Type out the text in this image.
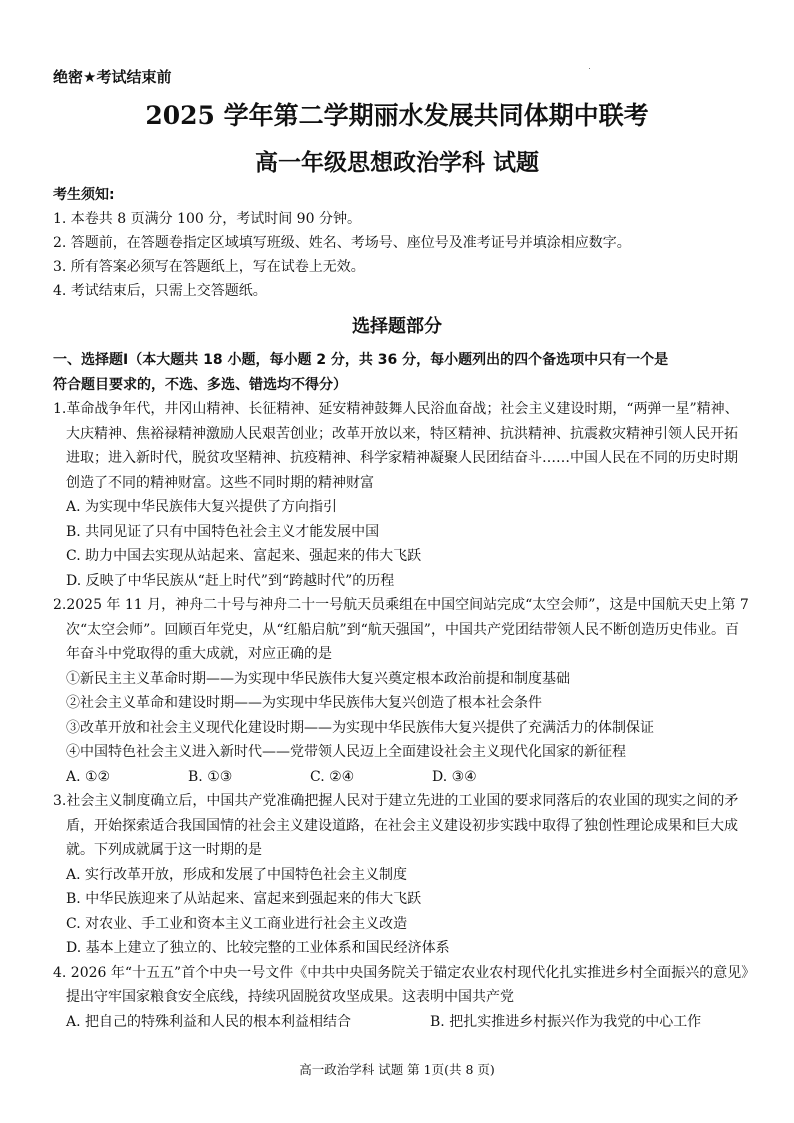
绝密★考试结束前
2025 学年第二学期丽水发展共同体期中联考
高一年级思想政治学科 试题
考生须知:
1. 本卷共 8 页满分 100 分，考试时间 90 分钟。
2. 答题前，在答题卷指定区域填写班级、姓名、考场号、座位号及准考证号并填涂相应数字。
3. 所有答案必须写在答题纸上，写在试卷上无效。
4. 考试结束后，只需上交答题纸。
选择题部分
一、选择题Ⅰ（本大题共 18 小题，每小题 2 分，共 36 分，每小题列出的四个备选项中只有一个是
符合题目要求的，不选、多选、错选均不得分）
1.革命战争年代，井冈山精神、长征精神、延安精神鼓舞人民浴血奋战；社会主义建设时期，“两弹一星”精神、大庆精神、焦裕禄精神激励人民艰苦创业；改革开放以来，特区精神、抗洪精神、抗震救灾精神引领人民开拓进取；进入新时代，脱贫攻坚精神、抗疫精神、科学家精神凝聚人民团结奋斗……中国人民在不同的历史时期创造了不同的精神财富。这些不同时期的精神财富
A. 为实现中华民族伟大复兴提供了方向指引
B. 共同见证了只有中国特色社会主义才能发展中国
C. 助力中国去实现从站起来、富起来、强起来的伟大飞跃
D. 反映了中华民族从“赶上时代”到“跨越时代”的历程
2.2025 年 11 月，神舟二十号与神舟二十一号航天员乘组在中国空间站完成“太空会师”，这是中国航天史上第 7 次“太空会师”。回顾百年党史，从“红船启航”到“航天强国”，中国共产党团结带领人民不断创造历史伟业。百年奋斗中党取得的重大成就，对应正确的是
①新民主主义革命时期——为实现中华民族伟大复兴奠定根本政治前提和制度基础
②社会主义革命和建设时期——为实现中华民族伟大复兴创造了根本社会条件
③改革开放和社会主义现代化建设时期——为实现中华民族伟大复兴提供了充满活力的体制保证
④中国特色社会主义进入新时代——党带领人民迈上全面建设社会主义现代化国家的新征程
A. ①②	B. ①③	C. ②④	D. ③④
3.社会主义制度确立后，中国共产党准确把握人民对于建立先进的工业国的要求同落后的农业国的现实之间的矛盾，开始探索适合我国国情的社会主义建设道路，在社会主义建设初步实践中取得了独创性理论成果和巨大成就。下列成就属于这一时期的是
A. 实行改革开放，形成和发展了中国特色社会主义制度
B. 中华民族迎来了从站起来、富起来到强起来的伟大飞跃
C. 对农业、手工业和资本主义工商业进行社会主义改造
D. 基本上建立了独立的、比较完整的工业体系和国民经济体系
4. 2026 年“十五五”首个中央一号文件《中共中央国务院关于锚定农业农村现代化扎实推进乡村全面振兴的意见》提出守牢国家粮食安全底线，持续巩固脱贫攻坚成果。这表明中国共产党
A. 把自己的特殊利益和人民的根本利益相结合	B. 把扎实推进乡村振兴作为我党的中心工作
高一政治学科 试题 第 1页(共 8 页)
